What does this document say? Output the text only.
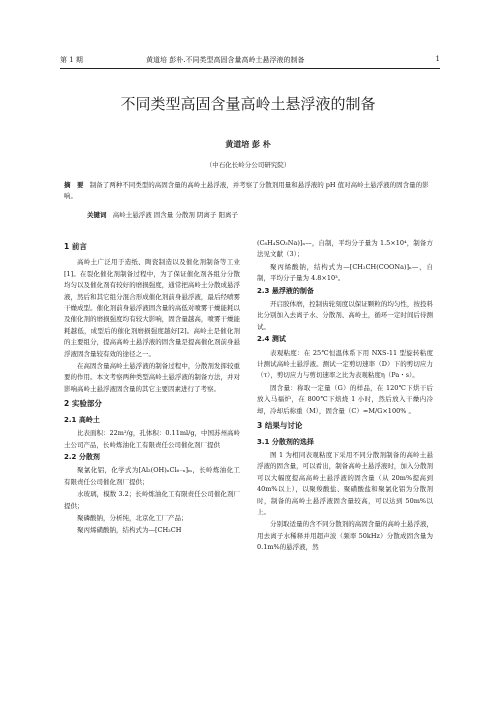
第 1 期	黄道培 彭朴.不同类型高固含量高岭土悬浮液的制备	1
不同类型高固含量高岭土悬浮液的制备
黄道培 彭 朴
（中石化长岭分公司研究院）
摘　要 制备了两种不同类型的高固含量的高岭土悬浮液，并考察了分散剂用量和悬浮液的 pH 值对高岭土悬浮液的固含量的影响。
关键词 高岭土悬浮液 固含量 分散剂 阴离子 阳离子
1 前言

高岭土广泛用于造纸、陶瓷制造以及催化剂制备等工业[1]。在裂化催化剂制备过程中，为了保证催化剂各组分分散均匀以及催化剂有较好的磨损强度，通常把高岭土分散成悬浮液，然后和其它组分混合形成催化剂前身悬浮液，最后经喷雾干燥成型。催化剂前身悬浮液固含量的高低对喷雾干燥能耗以及催化剂的磨损强度均有较大影响，固含量越高，喷雾干燥能耗越低，成型后的催化剂磨损强度越好[2]。高岭土是催化剂的主要组分，提高高岭土悬浮液的固含量是提高催化剂前身悬浮液固含量较有效的途径之一。

在高固含量高岭土悬浮液的制备过程中，分散剂发挥较重要的作用。本文考察两种类型高岭土悬浮液的制备方法，并对影响高岭土悬浮液固含量的其它主要因素进行了考察。

2 实验部分
2.1 高岭土

比表面积：22m²/g，孔体积：0.11ml/g，中国苏州高岭土公司产品，长岭炼油化工有限责任公司催化剂厂提供

2.2 分散剂

聚氯化铝，化学式为[Al₂(OH)ₙCl₆₋ₙ]ₘ，长岭炼油化工有限责任公司催化剂厂提供；

水玻璃，模数 3.2；长岭炼油化工有限责任公司催化剂厂提供；

聚磷酸钠，分析纯，北京化工厂产品；

聚丙烯磺酸钠，结构式为—[CH₂CH

(C₆H₄SO₃Na)]ₙ—，自制，平均分子量为 1.5×10⁴，制备方法见文献（3）；

聚丙烯酸钠，结构式为—[CH₂CH(COONa)]ₙ—，自制，平均分子量为 4.8×10³。

2.3 悬浮液的制备

开启胶体磨，控制齿轮刻度以保证颗粒的均匀性，按投料比分别加入去离子水、分散剂、高岭土，循环一定时间后待测试。

2.4 测试

表观粘度：在 25℃恒温体系下用 NXS-11 型旋转粘度计测试高岭土悬浮液。测试一定剪切速率（D）下的剪切应力（τ），剪切应力与剪切速率之比为表观粘度η（Pa・s）。

固含量：称取一定量（G）的样品，在 120℃下烘干后放入马福炉，在 800℃下焙烧 1 小时，然后放入干燥内冷却，冷却后称重（M），固含量（C）=M/G×100% 。

3 结果与讨论
3.1 分散剂的选择

图 1 为相同表观粘度下采用不同分散剂制备的高岭土悬浮液的固含量，可以看出，制备高岭土悬浮液时，加入分散剂可以大幅度提高高岭土悬浮液的固含量（从 20m%提高到 40m%以上），以聚羧酸盐、聚磺酸盐和聚氯化铝为分散剂时，制备的高岭土悬浮液固含量较高，可以达到 50m%以上。

分别取适量的含不同分散剂的高固含量的高岭土悬浮液，用去离子水稀释并用超声波（频率 50kHz）分散成固含量为 0.1m%的悬浮液，然
